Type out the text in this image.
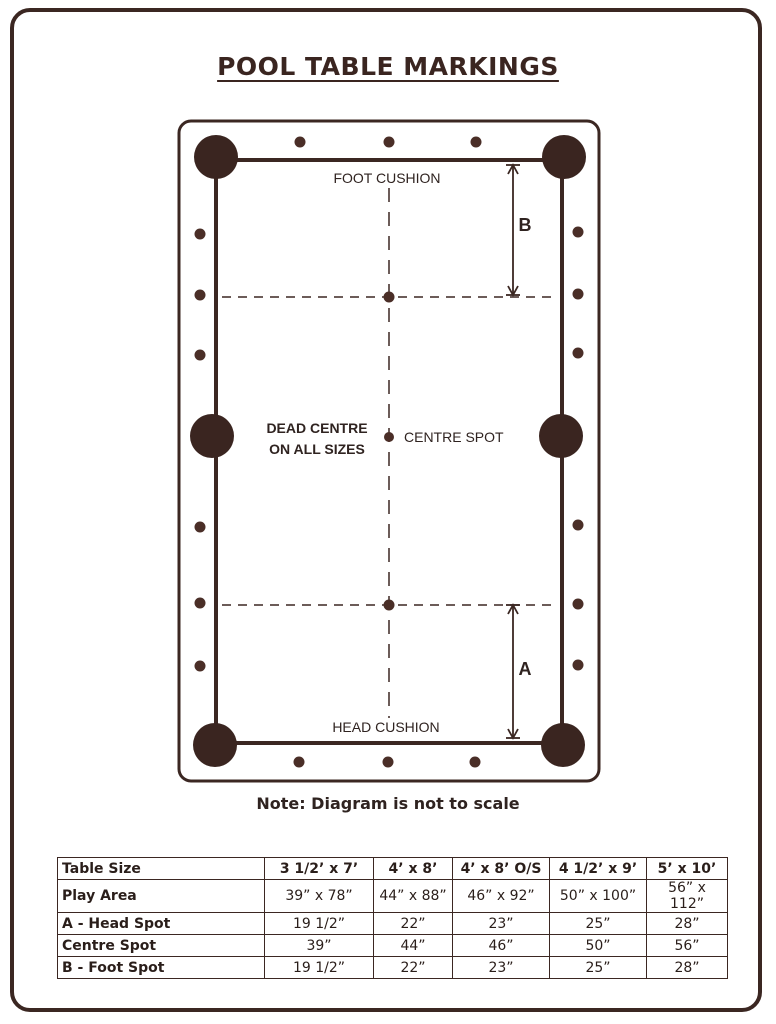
POOL TABLE MARKINGS
FOOT CUSHION
HEAD CUSHION
CENTRE SPOT
DEAD CENTRE
ON ALL SIZES
B
A
Note: Diagram is not to scale
Table Size	3 1/2’ x 7’	4’ x 8’	4’ x 8’ O/S	4 1/2’ x 9’	5’ x 10’
Play Area	39” x 78”	44” x 88”	46” x 92”	50” x 100”	56” x 112”
A - Head Spot	19 1/2”	22”	23”	25”	28”
Centre Spot	39”	44”	46”	50”	56”
B - Foot Spot	19 1/2”	22”	23”	25”	28”
